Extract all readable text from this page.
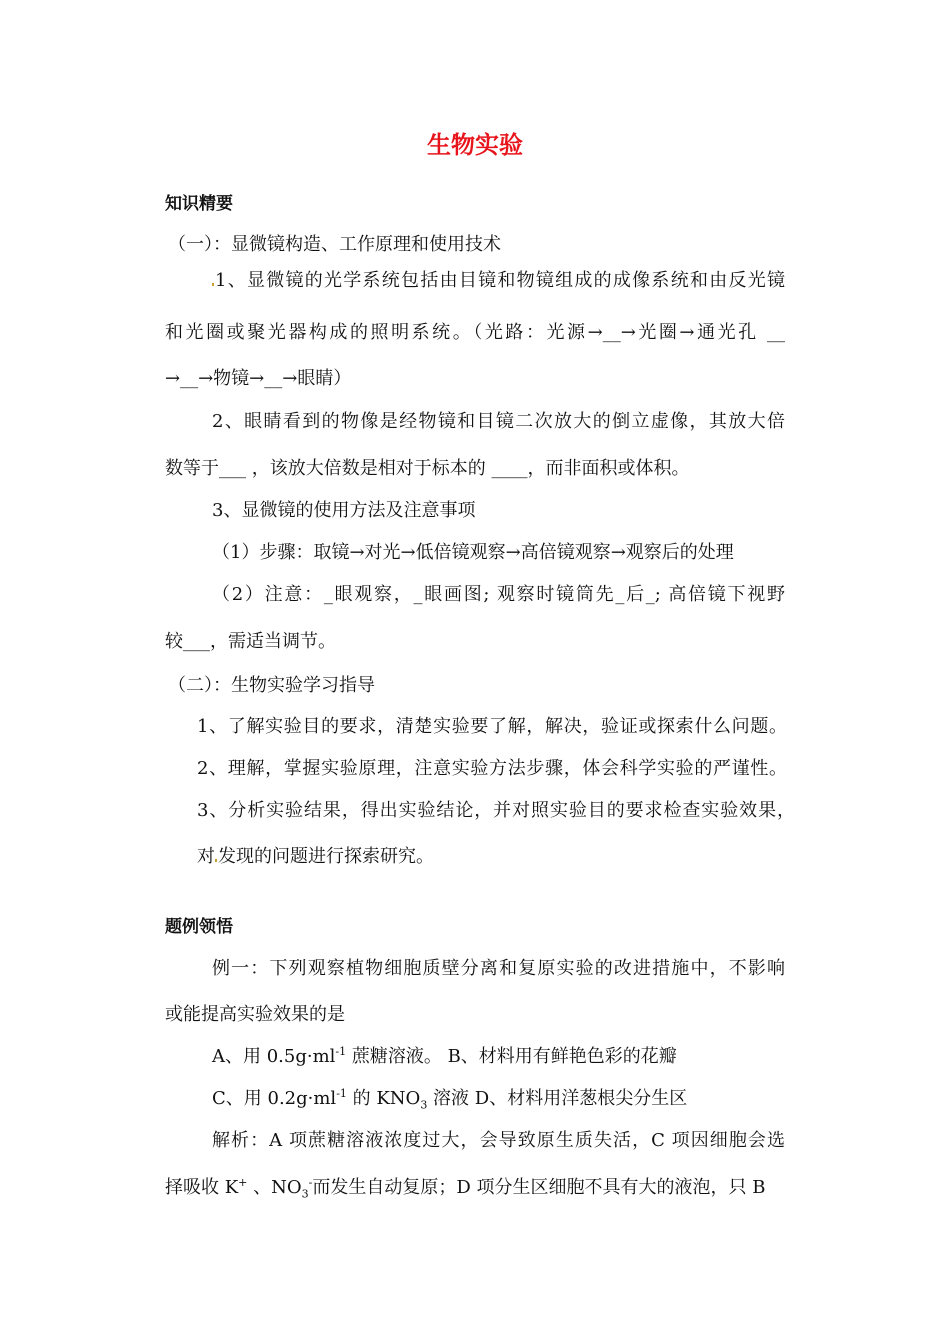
生物实验
知识精要
（一）：显微镜构造、工作原理和使用技术
1、显微镜的光学系统包括由目镜和物镜组成的成像系统和由反光镜
和光圈或聚光器构成的照明系统。（光路：光源→__→光圈→通光孔 __
→__→物镜→__→眼睛）
2、眼睛看到的物像是经物镜和目镜二次放大的倒立虚像，其放大倍
数等于___ ，该放大倍数是相对于标本的 ____，而非面积或体积。
3、显微镜的使用方法及注意事项
（1）步骤：取镜→对光→低倍镜观察→高倍镜观察→观察后的处理
（2）注意：_眼观察，_眼画图; 观察时镜筒先_后_; 高倍镜下视野
较___，需适当调节。
（二）：生物实验学习指导
1、了解实验目的要求，清楚实验要了解，解决，验证或探索什么问题。
2、理解，掌握实验原理，注意实验方法步骤，体会科学实验的严谨性。
3、分析实验结果，得出实验结论，并对照实验目的要求检查实验效果，
对 发现的问题进行探索研究。
题例领悟
例一：下列观察植物细胞质壁分离和复原实验的改进措施中，不影响
或能提高实验效果的是
A、用 $0.5g\cdot ml^{-1}$ 蔗糖溶液。 B、材料用有鲜艳色彩的花瓣
C、用 $0.2g\cdot ml^{-1}$ 的 $KNO_3$ 溶液 D、材料用洋葱根尖分生区
解析：A 项蔗糖溶液浓度过大，会导致原生质失活，C 项因细胞会选
择吸收 K+ 、$NO_3^-$而发生自动复原；D 项分生区细胞不具有大的液泡，只 B
